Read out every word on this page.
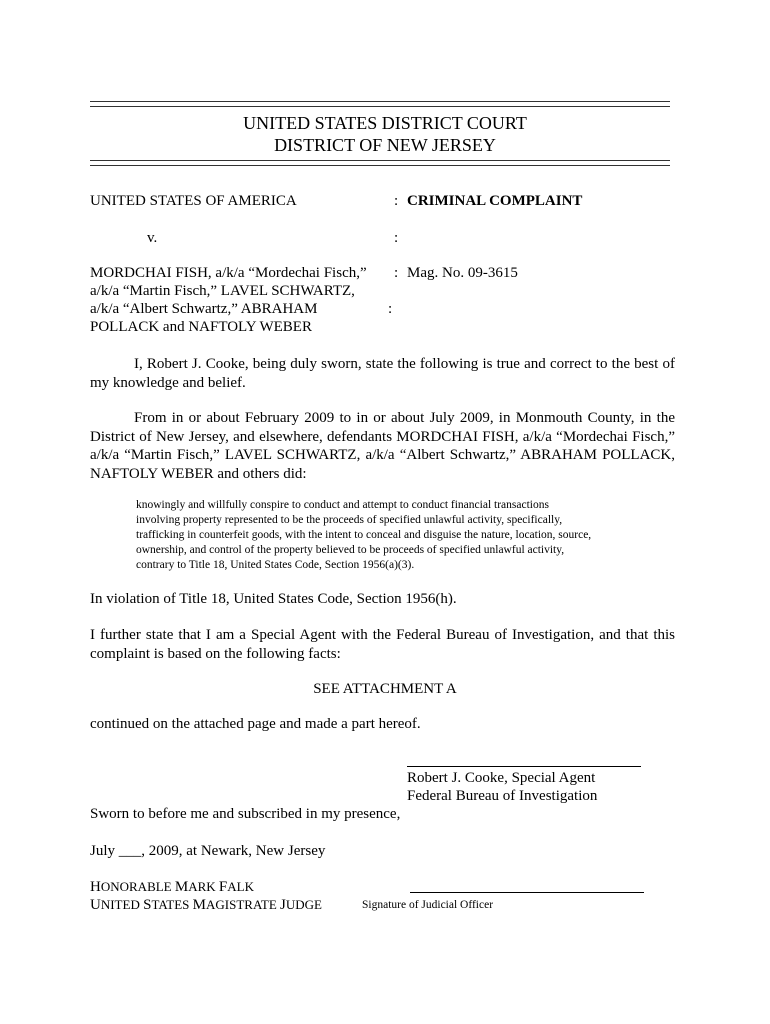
UNITED STATES DISTRICT COURT
DISTRICT OF NEW JERSEY
UNITED STATES OF AMERICA	: CRIMINAL COMPLAINT
v.	:
MORDCHAI FISH, a/k/a “Mordechai Fisch,” : Mag. No. 09-3615
a/k/a “Martin Fisch,” LAVEL SCHWARTZ,
a/k/a “Albert Schwartz,” ABRAHAM	:
POLLACK and NAFTOLY WEBER
I, Robert J. Cooke, being duly sworn, state the following is true and correct to the best of my knowledge and belief.
From in or about February 2009 to in or about July 2009, in Monmouth County, in the District of New Jersey, and elsewhere, defendants MORDCHAI FISH, a/k/a “Mordechai Fisch,” a/k/a “Martin Fisch,” LAVEL SCHWARTZ, a/k/a “Albert Schwartz,” ABRAHAM POLLACK, NAFTOLY WEBER and others did:
knowingly and willfully conspire to conduct and attempt to conduct financial transactions
involving property represented to be the proceeds of specified unlawful activity, specifically,
trafficking in counterfeit goods, with the intent to conceal and disguise the nature, location, source,
ownership, and control of the property believed to be proceeds of specified unlawful activity,
contrary to Title 18, United States Code, Section 1956(a)(3).
In violation of Title 18, United States Code, Section 1956(h).
I further state that I am a Special Agent with the Federal Bureau of Investigation, and that this complaint is based on the following facts:
SEE ATTACHMENT A
continued on the attached page and made a part hereof.
Robert J. Cooke, Special Agent
Federal Bureau of Investigation
Sworn to before me and subscribed in my presence,
July ___, 2009, at Newark, New Jersey
HONORABLE MARK FALK
UNITED STATES MAGISTRATE JUDGE	Signature of Judicial Officer
